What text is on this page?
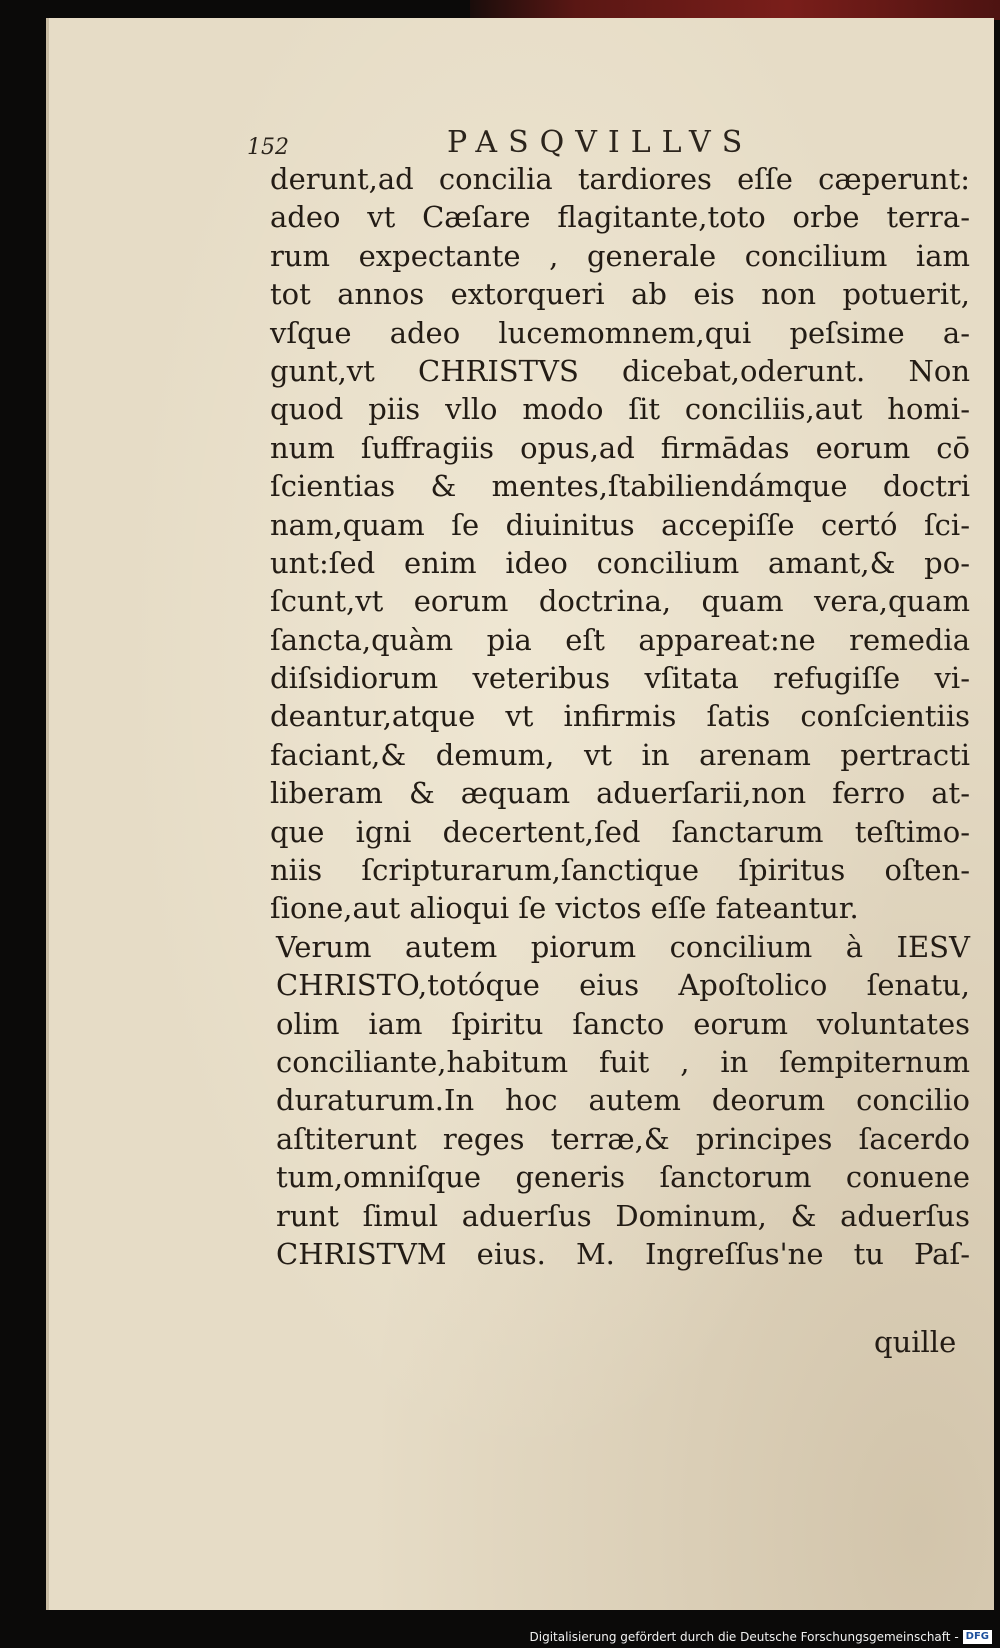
152	PASQVILLVS
derunt,ad concilia tardiores eſſe cæperunt:
adeo vt Cæſare flagitante,toto orbe terra-
rum expectante , generale concilium iam
tot annos extorqueri ab eis non potuerit,
vſque adeo lucemomnem,qui peſsime a-
gunt,vt CHRISTVS dicebat,oderunt. Non
quod piis vllo modo ſit conciliis,aut homi-
num ſuffragiis opus,ad firmādas eorum cō
ſcientias & mentes,ſtabiliendámque doctri
nam,quam ſe diuinitus accepiſſe certó ſci-
unt:ſed enim ideo concilium amant,& po-
ſcunt,vt eorum doctrina, quam vera,quam
ſancta,quàm pia eſt appareat:ne remedia
diſsidiorum veteribus vſitata refugiſſe vi-
deantur,atque vt infirmis ſatis conſcientiis
faciant,& demum, vt in arenam pertracti
liberam & æquam aduerſarii,non ferro at-
que igni decertent,ſed ſanctarum teſtimo-
niis ſcripturarum,ſanctique ſpiritus oſten-
ſione,aut alioqui ſe victos eſſe fateantur.
Verum autem piorum concilium à IESV
CHRISTO,totóque eius Apoſtolico ſenatu,
olim iam ſpiritu ſancto eorum voluntates
conciliante,habitum fuit , in ſempiternum
duraturum.In hoc autem deorum concilio
aſtiterunt reges terræ,& principes ſacerdo
tum,omniſque generis ſanctorum conuene
runt ſimul aduerſus Dominum, & aduerſus
CHRISTVM eius. M. Ingreſſus'ne tu Paſ-
quille
Digitalisierung gefördert durch die Deutsche Forschungsgemeinschaft - DFG
